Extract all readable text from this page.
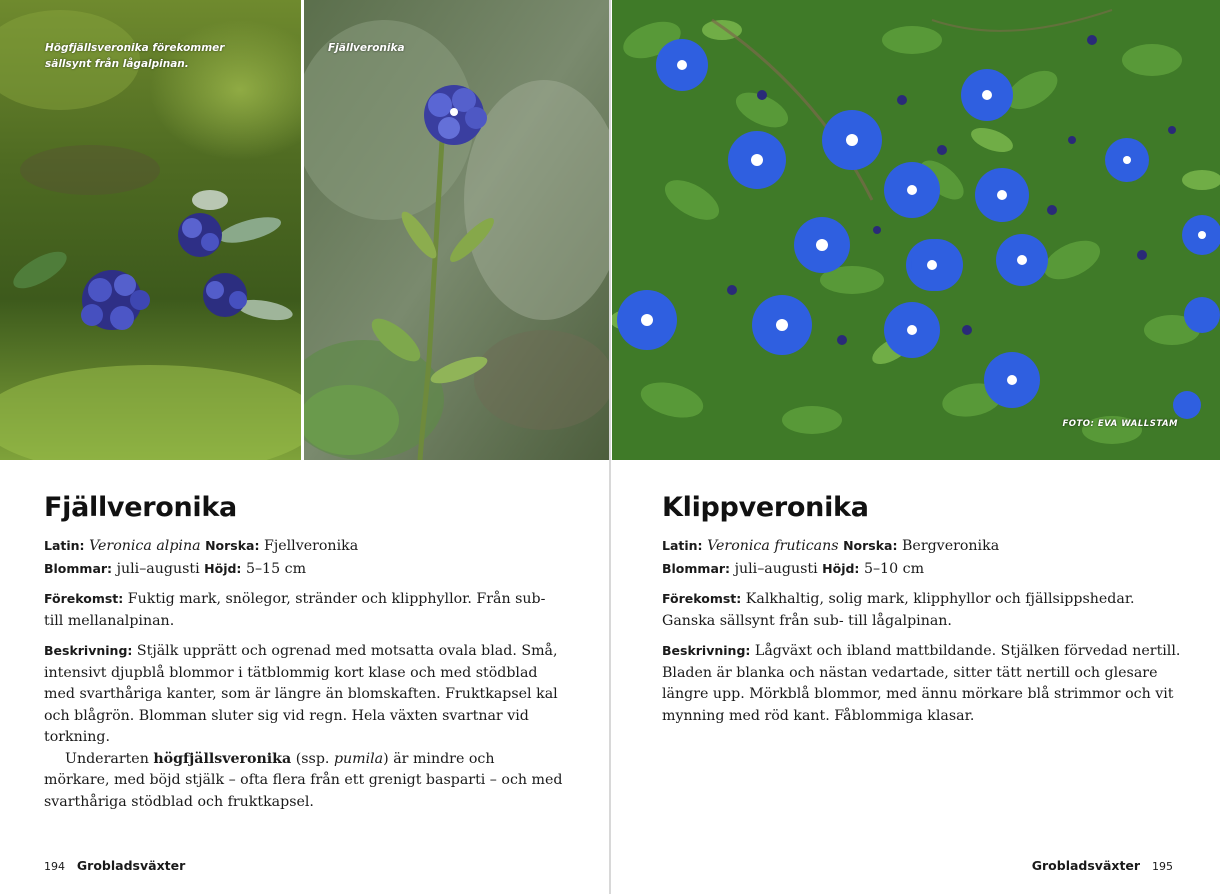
Högfjällsveronika förekommer sällsynt från lågalpinan.
Fjällveronika
Fjällveronika

Latin: Veronica alpina Norska: Fjellveronika
Blommar: juli–augusti Höjd: 5–15 cm

Förekomst: Fuktig mark, snölegor, stränder och klipphyllor. Från sub- till mellanalpinan.

Beskrivning: Stjälk upprätt och ogrenad med motsatta ovala blad. Små, intensivt djupblå blommor i tätblommig kort klase och med stödblad med svarthåriga kanter, som är längre än blomskaften. Fruktkapsel kal och blågrön. Blomman sluter sig vid regn. Hela växten svartnar vid torkning.

Underarten högfjällsveronika (ssp. pumila) är mindre och mörkare, med böjd stjälk – ofta flera från ett grenigt basparti – och med svarthåriga stödblad och fruktkapsel.

194 Grobladsväxter
FOTO: EVA WALLSTAM
Klippveronika

Latin: Veronica fruticans Norska: Bergveronika
Blommar: juli–augusti Höjd: 5–10 cm

Förekomst: Kalkhaltig, solig mark, klipphyllor och fjällsippshedar. Ganska sällsynt från sub- till lågalpinan.

Beskrivning: Lågväxt och ibland mattbildande. Stjälken förvedad nertill. Bladen är blanka och nästan vedartade, sitter tätt nertill och glesare längre upp. Mörkblå blommor, med ännu mörkare blå strimmor och vit mynning med röd kant. Fåblommiga klasar.

Grobladsväxter 195
